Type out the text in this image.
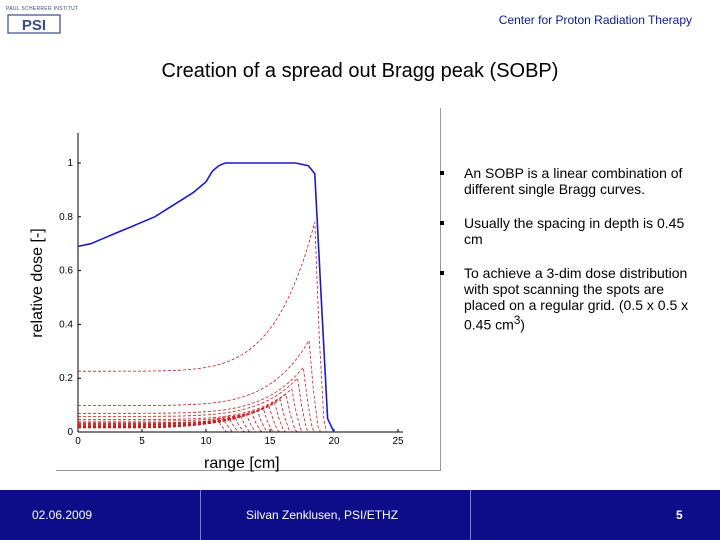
PAUL SCHERRER INSTITUT
PSI	Center for Proton Radiation Therapy
Creation of a spread out Bragg peak (SOBP)
0	5	10	15	20	25
0
0.2
0.4
0.6
0.8
1
relative dose [-]
range [cm]
An SOBP is a linear combination of different single Bragg curves.
Usually the spacing in depth is 0.45 cm
To achieve a 3-dim dose distribution with spot scanning the spots are placed on a regular grid. (0.5 x 0.5 x 0.45 $cm^3$)
02.06.2009	Silvan Zenklusen, PSI/ETHZ	5
